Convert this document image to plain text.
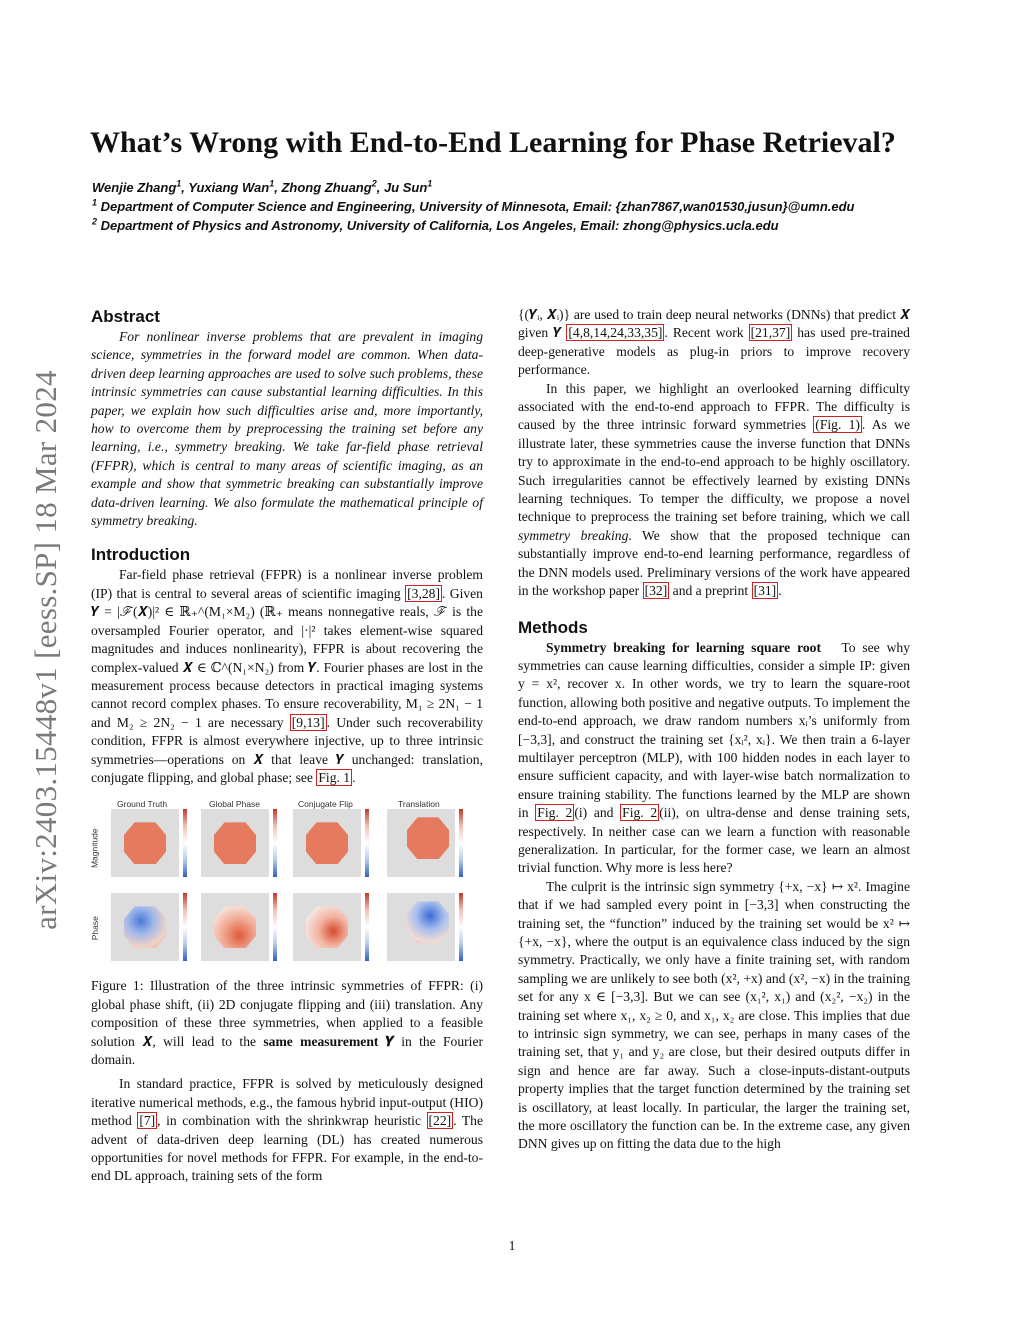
arXiv:2403.15448v1 [eess.SP] 18 Mar 2024
What’s Wrong with End-to-End Learning for Phase Retrieval?
Wenjie Zhang$^1$, Yuxiang Wan$^1$, Zhong Zhuang$^2$, Ju Sun$^1$
$^1$ Department of Computer Science and Engineering, University of Minnesota, Email: {zhan7867,wan01530,jusun}@umn.edu
$^2$ Department of Physics and Astronomy, University of California, Los Angeles, Email: zhong@physics.ucla.edu
Abstract

For nonlinear inverse problems that are prevalent in imaging science, symmetries in the forward model are common. When data-driven deep learning approaches are used to solve such problems, these intrinsic symmetries can cause substantial learning difficulties. In this paper, we explain how such difficulties arise and, more importantly, how to overcome them by preprocessing the training set before any learning, i.e., symmetry breaking. We take far-field phase retrieval (FFPR), which is central to many areas of scientific imaging, as an example and show that symmetric breaking can substantially improve data-driven learning. We also formulate the mathematical principle of symmetry breaking.

Introduction

Far-field phase retrieval (FFPR) is a nonlinear inverse problem (IP) that is central to several areas of scientific imaging [3,28] . Given 𝒀 = |ℱ(𝑿)|² ∈ ℝ₊^(M₁×M₂) (ℝ₊ means nonnegative reals, ℱ is the oversampled Fourier operator, and |·|² takes element-wise squared magnitudes and induces nonlinearity), FFPR is about recovering the complex-valued 𝑿 ∈ ℂ^(N₁×N₂) from 𝒀. Fourier phases are lost in the measurement process because detectors in practical imaging systems cannot record complex phases. To ensure recoverability, M₁ ≥ 2N₁ − 1 and M₂ ≥ 2N₂ − 1 are necessary [9,13] . Under such recoverability condition, FFPR is almost everywhere injective, up to three intrinsic symmetries—operations on 𝑿 that leave 𝒀 unchanged: translation, conjugate flipping, and global phase; see Fig. 1 .

Ground Truth	Global Phase	Conjugate Flip	Translation
Magnitude
Phase

Figure 1: Illustration of the three intrinsic symmetries of FFPR: (i) global phase shift, (ii) 2D conjugate flipping and (iii) translation. Any composition of these three symmetries, when applied to a feasible solution 𝑿, will lead to the same measurement 𝒀 in the Fourier domain.

In standard practice, FFPR is solved by meticulously designed iterative numerical methods, e.g., the famous hybrid input-output (HIO) method [7] , in combination with the shrinkwrap heuristic [22] . The advent of data-driven deep learning (DL) has created numerous opportunities for novel methods for FFPR. For example, in the end-to-end DL approach, training sets of the form

{(𝒀ᵢ, 𝑿ᵢ)} are used to train deep neural networks (DNNs) that predict 𝑿 given 𝒀 [4,8,14,24,33,35] . Recent work [21,37] has used pre-trained deep-generative models as plug-in priors to improve recovery performance.

In this paper, we highlight an overlooked learning difficulty associated with the end-to-end approach to FFPR. The difficulty is caused by the three intrinsic forward symmetries (Fig. 1) . As we illustrate later, these symmetries cause the inverse function that DNNs try to approximate in the end-to-end approach to be highly oscillatory. Such irregularities cannot be effectively learned by existing DNNs learning techniques. To temper the difficulty, we propose a novel technique to preprocess the training set before training, which we call symmetry breaking. We show that the proposed technique can substantially improve end-to-end learning performance, regardless of the DNN models used. Preliminary versions of the work have appeared in the workshop paper [32] and a preprint [31] .

Methods

Symmetry breaking for learning square root To see why symmetries can cause learning difficulties, consider a simple IP: given y = x², recover x. In other words, we try to learn the square-root function, allowing both positive and negative outputs. To implement the end-to-end approach, we draw random numbers xᵢ’s uniformly from [−3,3], and construct the training set {xᵢ², xᵢ}. We then train a 6-layer multilayer perceptron (MLP), with 100 hidden nodes in each layer to ensure sufficient capacity, and with layer-wise batch normalization to ensure training stability. The functions learned by the MLP are shown in Fig. 2 (i) and Fig. 2 (ii), on ultra-dense and dense training sets, respectively. In neither case can we learn a function with reasonable generalization. In particular, for the former case, we learn an almost trivial function. Why more is less here?

The culprit is the intrinsic sign symmetry {+x, −x} ↦ x². Imagine that if we had sampled every point in [−3,3] when constructing the training set, the “function” induced by the training set would be x² ↦ {+x, −x}, where the output is an equivalence class induced by the sign symmetry. Practically, we only have a finite training set, with random sampling we are unlikely to see both (x², +x) and (x², −x) in the training set for any x ∈ [−3,3]. But we can see (x₁², x₁) and (x₂², −x₂) in the training set where x₁, x₂ ≥ 0, and x₁, x₂ are close. This implies that due to intrinsic sign symmetry, we can see, perhaps in many cases of the training set, that y₁ and y₂ are close, but their desired outputs differ in sign and hence are far away. Such a close-inputs-distant-outputs property implies that the target function determined by the training set is oscillatory, at least locally. In particular, the larger the training set, the more oscillatory the function can be. In the extreme case, any given DNN gives up on fitting the data due to the high

1
